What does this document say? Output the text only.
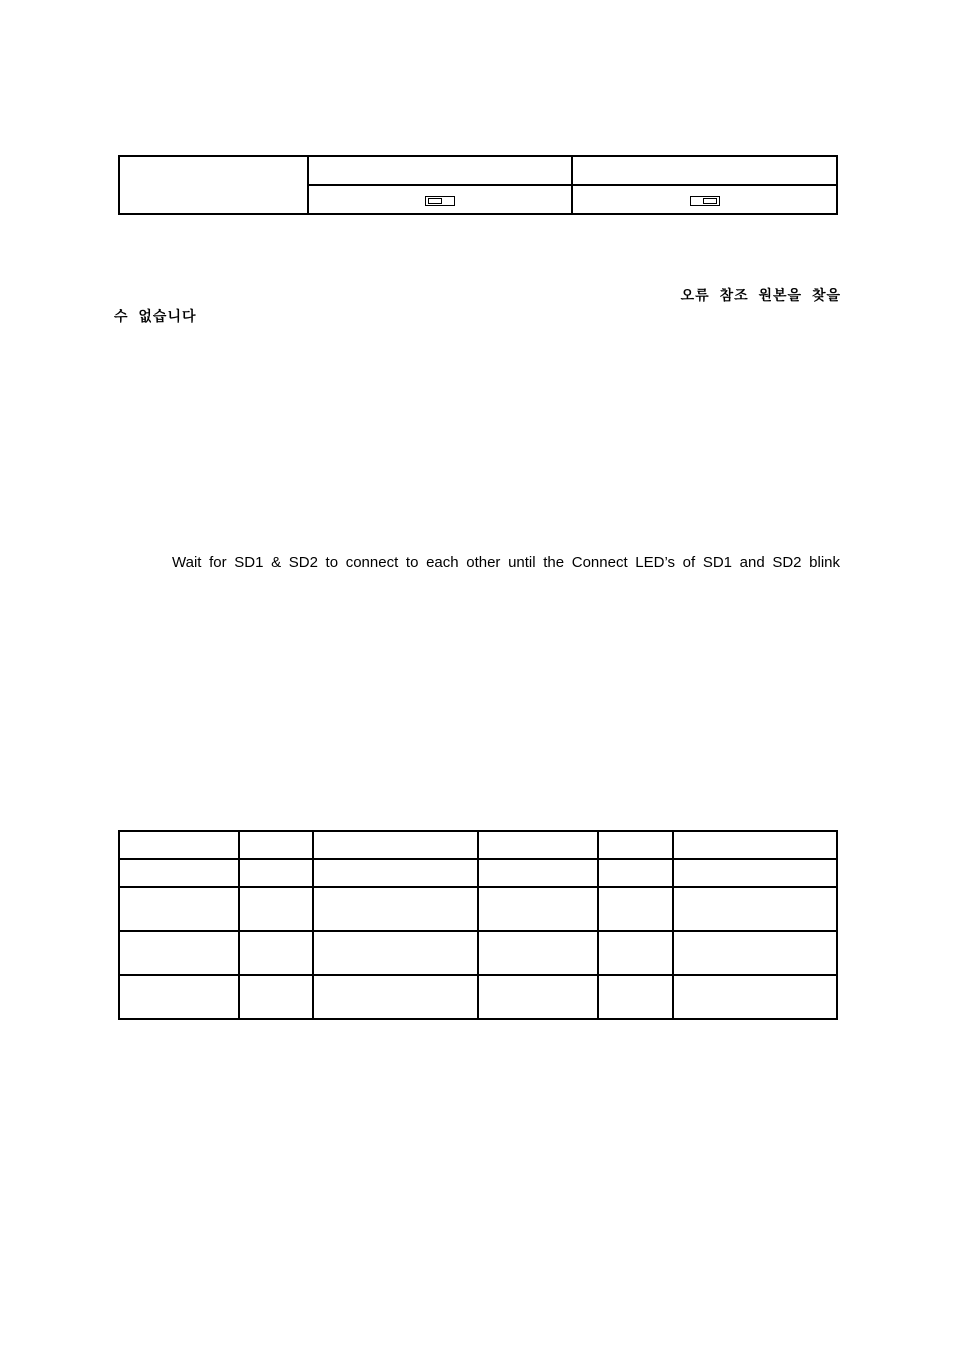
오류 참조 원본을 찾을
수 없습니다
Wait for SD1 & SD2 to connect to each other until the Connect LED’s of SD1 and SD2 blink
